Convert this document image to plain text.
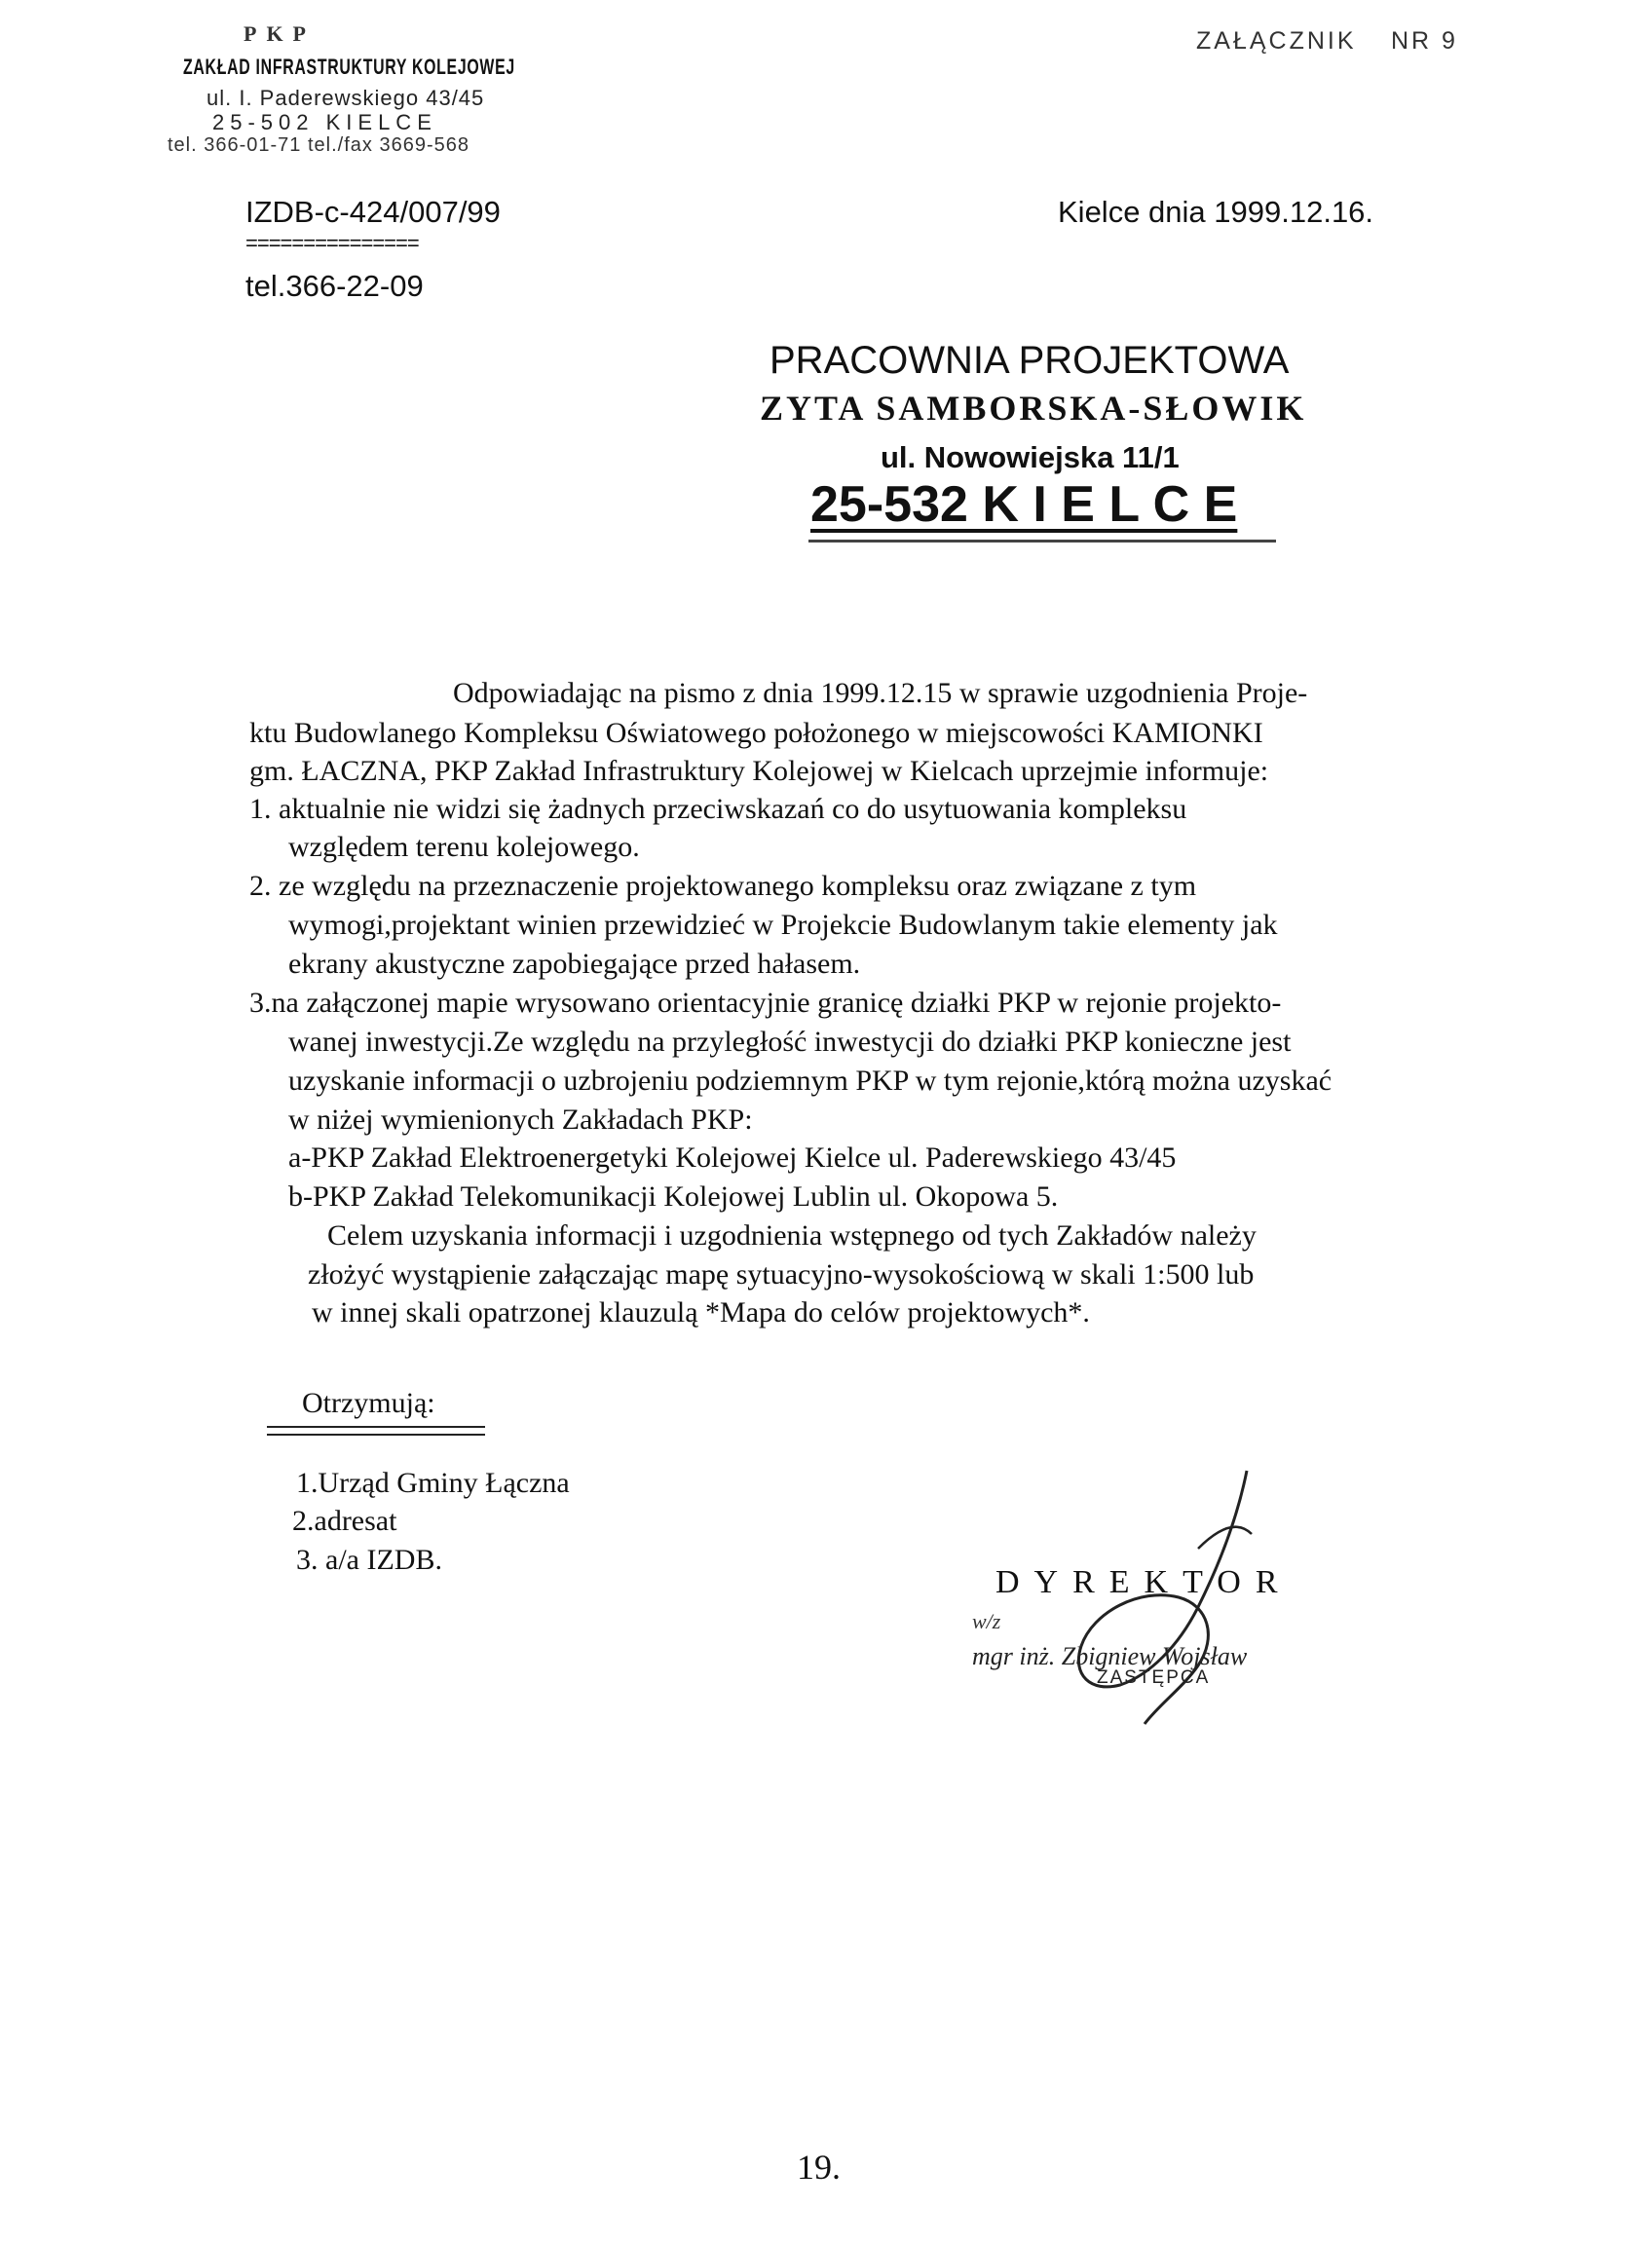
PKP
ZAKŁAD INFRASTRUKTURY KOLEJOWEJ
ul. I. Paderewskiego 43/45
25-502 KIELCE
tel. 366-01-71 tel./fax 3669-568
ZAŁĄCZNIK NR 9
IZDB-c-424/007/99
===============
tel.366-22-09
Kielce dnia 1999.12.16.
PRACOWNIA PROJEKTOWA
ZYTA SAMBORSKA-SŁOWIK
ul. Nowowiejska 11/1
25-532 K I E L C E
Odpowiadając na pismo z dnia 1999.12.15 w sprawie uzgodnienia Proje-
ktu Budowlanego Kompleksu Oświatowego położonego w miejscowości KAMIONKI
gm. ŁACZNA, PKP Zakład Infrastruktury Kolejowej w Kielcach uprzejmie informuje:
1. aktualnie nie widzi się żadnych przeciwskazań co do usytuowania kompleksu
względem terenu kolejowego.
2. ze względu na przeznaczenie projektowanego kompleksu oraz związane z tym
wymogi,projektant winien przewidzieć w Projekcie Budowlanym takie elementy jak
ekrany akustyczne zapobiegające przed hałasem.
3.na załączonej mapie wrysowano orientacyjnie granicę działki PKP w rejonie projekto-
wanej inwestycji.Ze względu na przyległość inwestycji do działki PKP konieczne jest
uzyskanie informacji o uzbrojeniu podziemnym PKP w tym rejonie,którą można uzyskać
w niżej wymienionych Zakładach PKP:
a-PKP Zakład Elektroenergetyki Kolejowej Kielce ul. Paderewskiego 43/45
b-PKP Zakład Telekomunikacji Kolejowej Lublin ul. Okopowa 5.
Celem uzyskania informacji i uzgodnienia wstępnego od tych Zakładów należy
złożyć wystąpienie załączając mapę sytuacyjno-wysokościową w skali 1:500 lub
w innej skali opatrzonej klauzulą *Mapa do celów projektowych*.
Otrzymują:
1.Urząd Gminy Łączna
2.adresat
3. a/a IZDB.
DYREKTOR
w/z
mgr inż. Zbigniew Wojsław
ZASTĘPCA
19.
